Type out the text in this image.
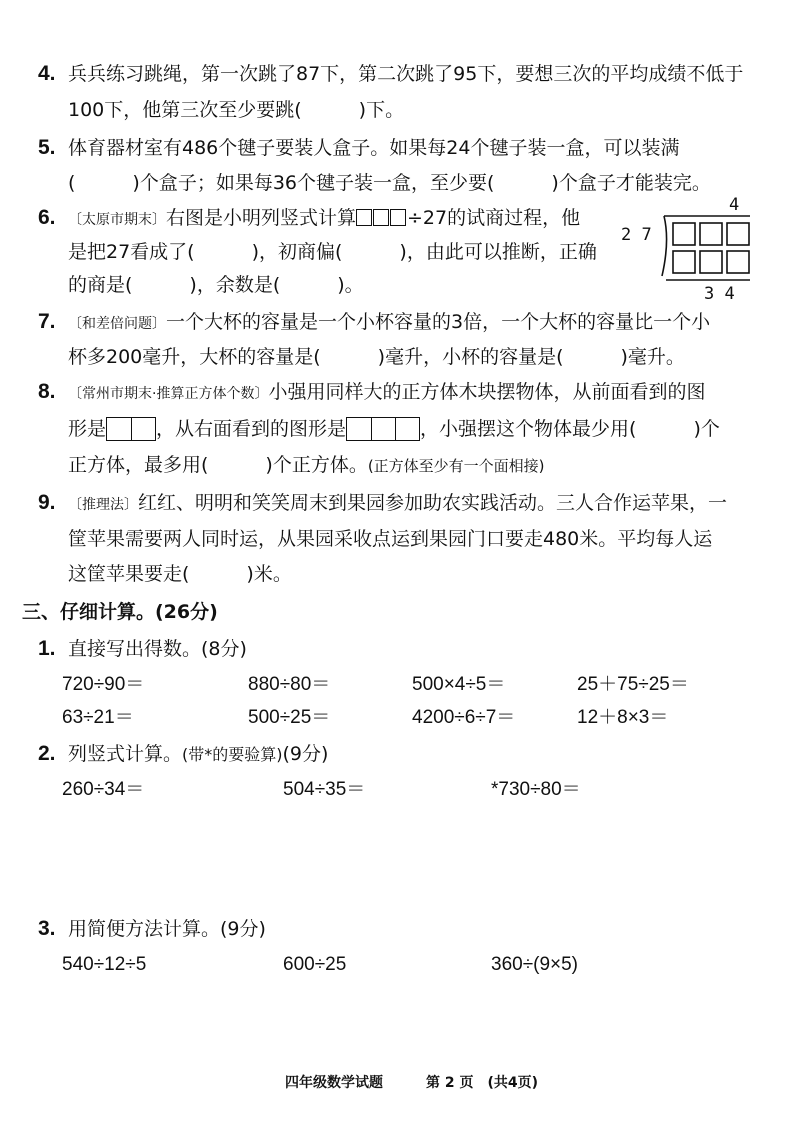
4. 兵兵练习跳绳，第一次跳了87下，第二次跳了95下，要想三次的平均成绩不低于
100下，他第三次至少要跳(　　　)下。
5. 体育器材室有486个毽子要装人盒子。如果每24个毽子装一盒，可以装满
(　　　)个盒子；如果每36个毽子装一盒，至少要(　　　)个盒子才能装完。
6. 〔太原市期末〕右图是小明列竖式计算	÷27的试商过程，他
是把27看成了(　　　)，初商偏(　　　)，由此可以推断，正确
的商是(　　　)，余数是(　　　)。
4
2 7
3 4
7. 〔和差倍问题〕一个大杯的容量是一个小杯容量的3倍，一个大杯的容量比一个小
杯多200毫升，大杯的容量是(　　　)毫升，小杯的容量是(　　　)毫升。
8. 〔常州市期末·推算正方体个数〕小强用同样大的正方体木块摆物体，从前面看到的图
形是	，从右面看到的图形是	，小强摆这个物体最少用(　　　)个
正方体，最多用(　　　)个正方体。(正方体至少有一个面相接)
9. 〔推理法〕红红、明明和笑笑周末到果园参加助农实践活动。三人合作运苹果，一
筐苹果需要两人同时运，从果园采收点运到果园门口要走480米。平均每人运
这筐苹果要走(　　　)米。
三、仔细计算。(26分)
1. 直接写出得数。(8分)
720÷90＝	880÷80＝	500×4÷5＝	25＋75÷25＝
63÷21＝	500÷25＝	4200÷6÷7＝	12＋8×3＝
2. 列竖式计算。(带*的要验算)(9分)
260÷34＝	504÷35＝	*730÷80＝
3. 用简便方法计算。(9分)
540÷12÷5	600÷25	360÷(9×5)
四年级数学试题	第 2 页　(共4页)
